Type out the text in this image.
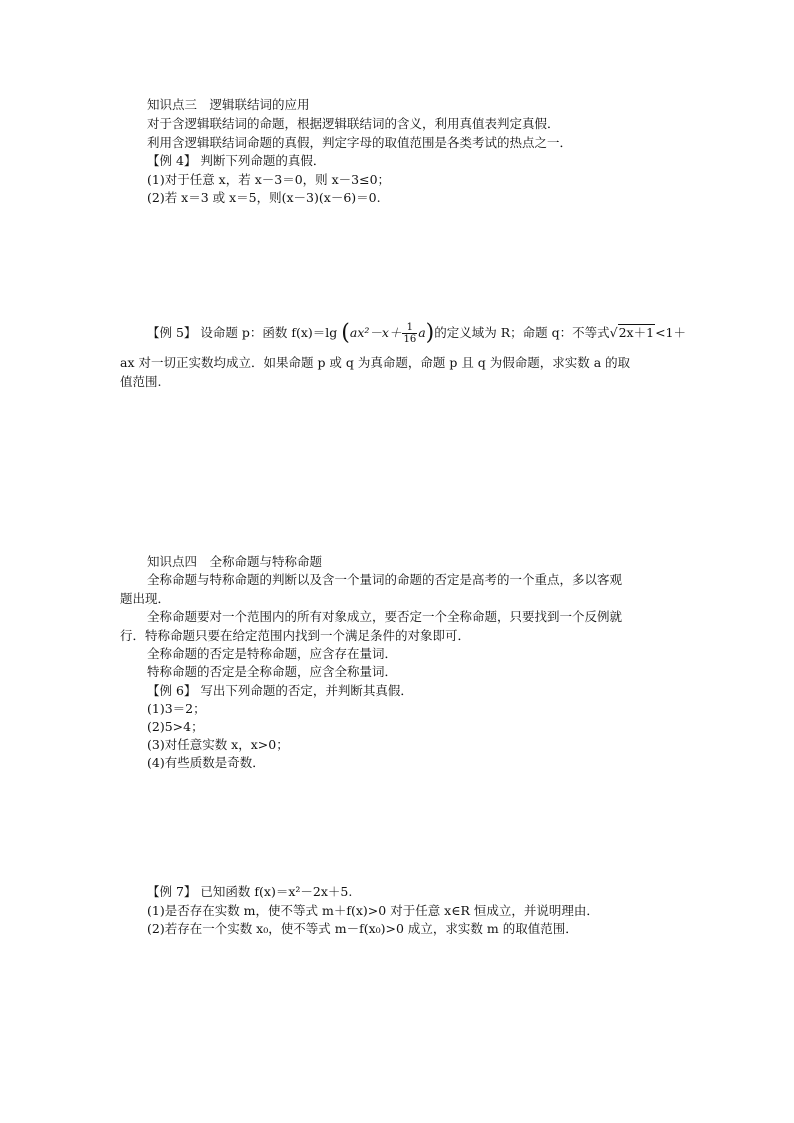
知识点三　逻辑联结词的应用
对于含逻辑联结词的命题，根据逻辑联结词的含义，利用真值表判定真假．
利用含逻辑联结词命题的真假，判定字母的取值范围是各类考试的热点之一．
【例 4】 判断下列命题的真假．
(1)对于任意 x，若 x－3＝0，则 x－3≤0；
(2)若 x＝3 或 x＝5，则(x－3)(x－6)＝0.
【例 5】 设命题 p：函数 f(x)＝lg $(ax^2-x+ \frac{1}{16} a)$的定义域为 R；命题 q：不等式√2x＋1<1＋
ax 对一切正实数均成立．如果命题 p 或 q 为真命题，命题 p 且 q 为假命题，求实数 a 的取
值范围.
知识点四　全称命题与特称命题
全称命题与特称命题的判断以及含一个量词的命题的否定是高考的一个重点，多以客观
题出现．
全称命题要对一个范围内的所有对象成立，要否定一个全称命题，只要找到一个反例就
行．特称命题只要在给定范围内找到一个满足条件的对象即可．
全称命题的否定是特称命题，应含存在量词．
特称命题的否定是全称命题，应含全称量词．
【例 6】 写出下列命题的否定，并判断其真假．
(1)3＝2；
(2)5>4；
(3)对任意实数 x，x>0；
(4)有些质数是奇数．
【例 7】 已知函数 f(x)＝x²－2x＋5.
(1)是否存在实数 m，使不等式 m＋f(x)>0 对于任意 x∈R 恒成立，并说明理由．
(2)若存在一个实数 x₀，使不等式 m－f(x₀)>0 成立，求实数 m 的取值范围．
